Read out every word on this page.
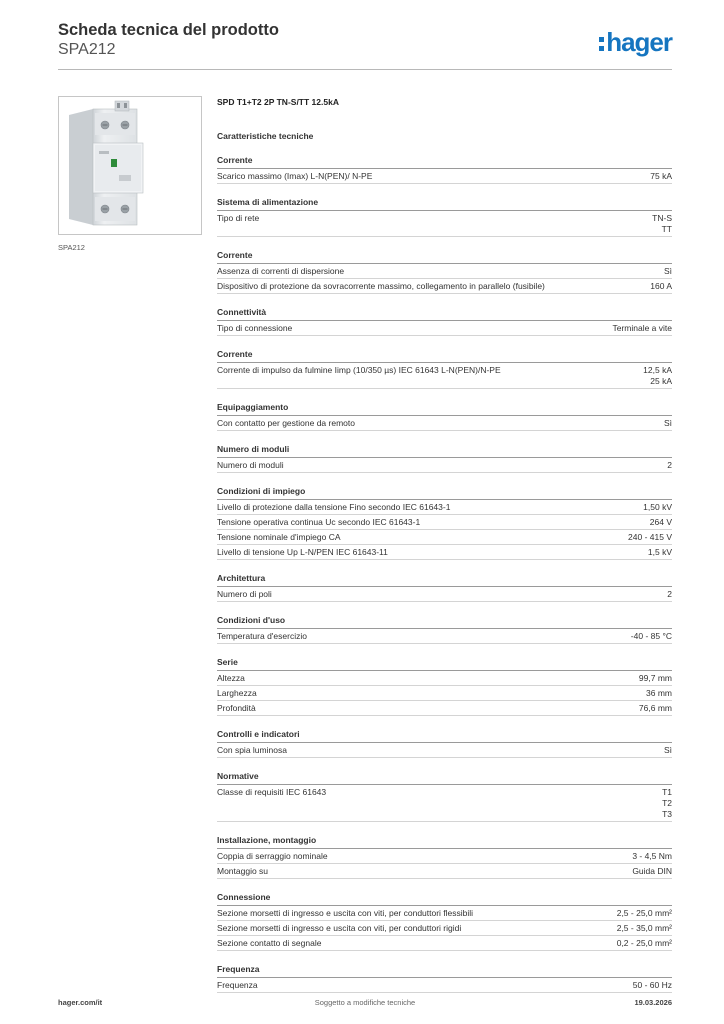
Scheda tecnica del prodotto
SPA212	hager
SPA212
SPD T1+T2 2P TN-S/TT 12.5kA
Caratteristiche tecniche
Corrente
Scarico massimo (Imax) L-N(PEN)/ N-PE	75 kA
Sistema di alimentazione
Tipo di rete	TN-S
TT
Corrente
Assenza di correnti di dispersione	Sì
Dispositivo di protezione da sovracorrente massimo, collegamento in parallelo (fusibile)	160 A
Connettività
Tipo di connessione	Terminale a vite
Corrente
Corrente di impulso da fulmine Iimp (10/350 µs) IEC 61643 L-N(PEN)/N-PE	12,5 kA
25 kA
Equipaggiamento
Con contatto per gestione da remoto	Sì
Numero di moduli
Numero di moduli	2
Condizioni di impiego
Livello di protezione dalla tensione Fino secondo IEC 61643-1	1,50 kV
Tensione operativa continua Uc secondo IEC 61643-1	264 V
Tensione nominale d'impiego CA	240 - 415 V
Livello di tensione Up L-N/PEN IEC 61643-11	1,5 kV
Architettura
Numero di poli	2
Condizioni d'uso
Temperatura d'esercizio	-40 - 85 °C
Serie
Altezza	99,7 mm
Larghezza	36 mm
Profondità	76,6 mm
Controlli e indicatori
Con spia luminosa	Sì
Normative
Classe di requisiti IEC 61643	T1
T2
T3
Installazione, montaggio
Coppia di serraggio nominale	3 - 4,5 Nm
Montaggio su	Guida DIN
Connessione
Sezione morsetti di ingresso e uscita con viti, per conduttori flessibili	2,5 - 25,0 mm²
Sezione morsetti di ingresso e uscita con viti, per conduttori rigidi	2,5 - 35,0 mm²
Sezione contatto di segnale	0,2 - 25,0 mm²
Frequenza
Frequenza	50 - 60 Hz
hager.com/it	Soggetto a modifiche tecniche	19.03.2026
